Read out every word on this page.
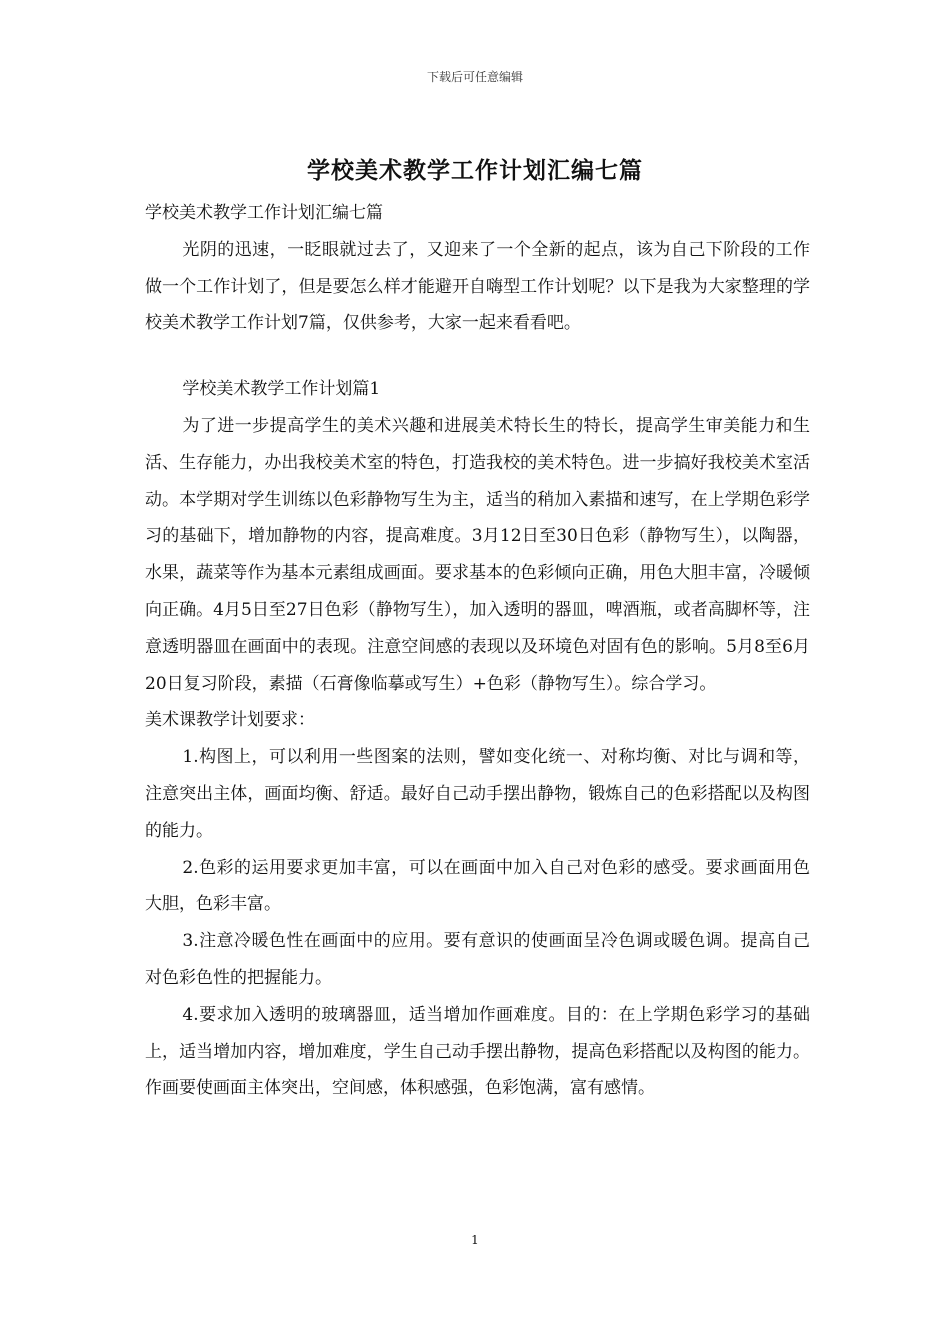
下载后可任意编辑
学校美术教学工作计划汇编七篇

学校美术教学工作计划汇编七篇

光阴的迅速，一眨眼就过去了，又迎来了一个全新的起点，该为自己下阶段的工作做一个工作计划了，但是要怎么样才能避开自嗨型工作计划呢？以下是我为大家整理的学校美术教学工作计划7篇，仅供参考，大家一起来看看吧。

学校美术教学工作计划篇1

为了进一步提高学生的美术兴趣和进展美术特长生的特长，提高学生审美能力和生活、生存能力，办出我校美术室的特色，打造我校的美术特色。进一步搞好我校美术室活动。本学期对学生训练以色彩静物写生为主，适当的稍加入素描和速写，在上学期色彩学习的基础下，增加静物的内容，提高难度。3月12日至30日色彩（静物写生），以陶器，水果，蔬菜等作为基本元素组成画面。要求基本的色彩倾向正确，用色大胆丰富，冷暖倾向正确。4月5日至27日色彩（静物写生），加入透明的器皿，啤酒瓶，或者高脚杯等，注意透明器皿在画面中的表现。注意空间感的表现以及环境色对固有色的影响。5月8至6月20日复习阶段，素描（石膏像临摹或写生）+色彩（静物写生）。综合学习。

美术课教学计划要求：

1.构图上，可以利用一些图案的法则，譬如变化统一、对称均衡、对比与调和等，注意突出主体，画面均衡、舒适。最好自己动手摆出静物，锻炼自己的色彩搭配以及构图的能力。

2.色彩的运用要求更加丰富，可以在画面中加入自己对色彩的感受。要求画面用色大胆，色彩丰富。

3.注意冷暖色性在画面中的应用。要有意识的使画面呈冷色调或暖色调。提高自己对色彩色性的把握能力。

4.要求加入透明的玻璃器皿，适当增加作画难度。目的：在上学期色彩学习的基础上，适当增加内容，增加难度，学生自己动手摆出静物，提高色彩搭配以及构图的能力。作画要使画面主体突出，空间感，体积感强，色彩饱满，富有感情。

1
